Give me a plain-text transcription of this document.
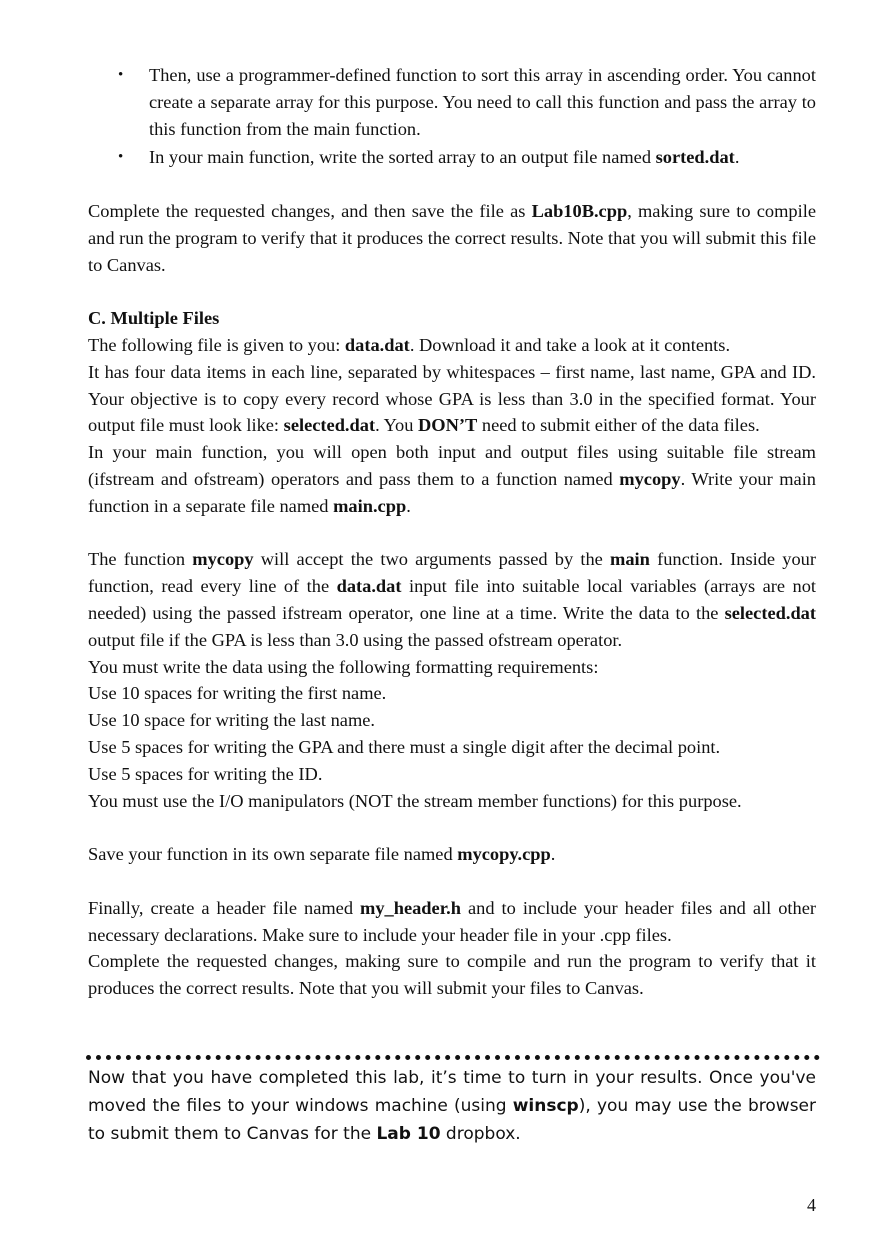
• Then, use a programmer-defined function to sort this array in ascending order. You cannot create a separate array for this purpose. You need to call this function and pass the array to this function from the main function.
• In your main function, write the sorted array to an output file named sorted.dat.

Complete the requested changes, and then save the file as Lab10B.cpp, making sure to compile and run the program to verify that it produces the correct results. Note that you will submit this file to Canvas.

C. Multiple Files

The following file is given to you: data.dat. Download it and take a look at it contents.

It has four data items in each line, separated by whitespaces – first name, last name, GPA and ID. Your objective is to copy every record whose GPA is less than 3.0 in the specified format. Your output file must look like: selected.dat. You DON’T need to submit either of the data files.

In your main function, you will open both input and output files using suitable file stream (ifstream and ofstream) operators and pass them to a function named mycopy. Write your main function in a separate file named main.cpp.

The function mycopy will accept the two arguments passed by the main function. Inside your function, read every line of the data.dat input file into suitable local variables (arrays are not needed) using the passed ifstream operator, one line at a time. Write the data to the selected.dat output file if the GPA is less than 3.0 using the passed ofstream operator.

You must write the data using the following formatting requirements:

Use 10 spaces for writing the first name.

Use 10 space for writing the last name.

Use 5 spaces for writing the GPA and there must a single digit after the decimal point.

Use 5 spaces for writing the ID.

You must use the I/O manipulators (NOT the stream member functions) for this purpose.

Save your function in its own separate file named mycopy.cpp.

Finally, create a header file named my_header.h and to include your header files and all other necessary declarations. Make sure to include your header file in your .cpp files.

Complete the requested changes, making sure to compile and run the program to verify that it produces the correct results. Note that you will submit your files to Canvas.

Now that you have completed this lab, it’s time to turn in your results. Once you've moved the files to your windows machine (using winscp), you may use the browser to submit them to Canvas for the Lab 10 dropbox.

4
